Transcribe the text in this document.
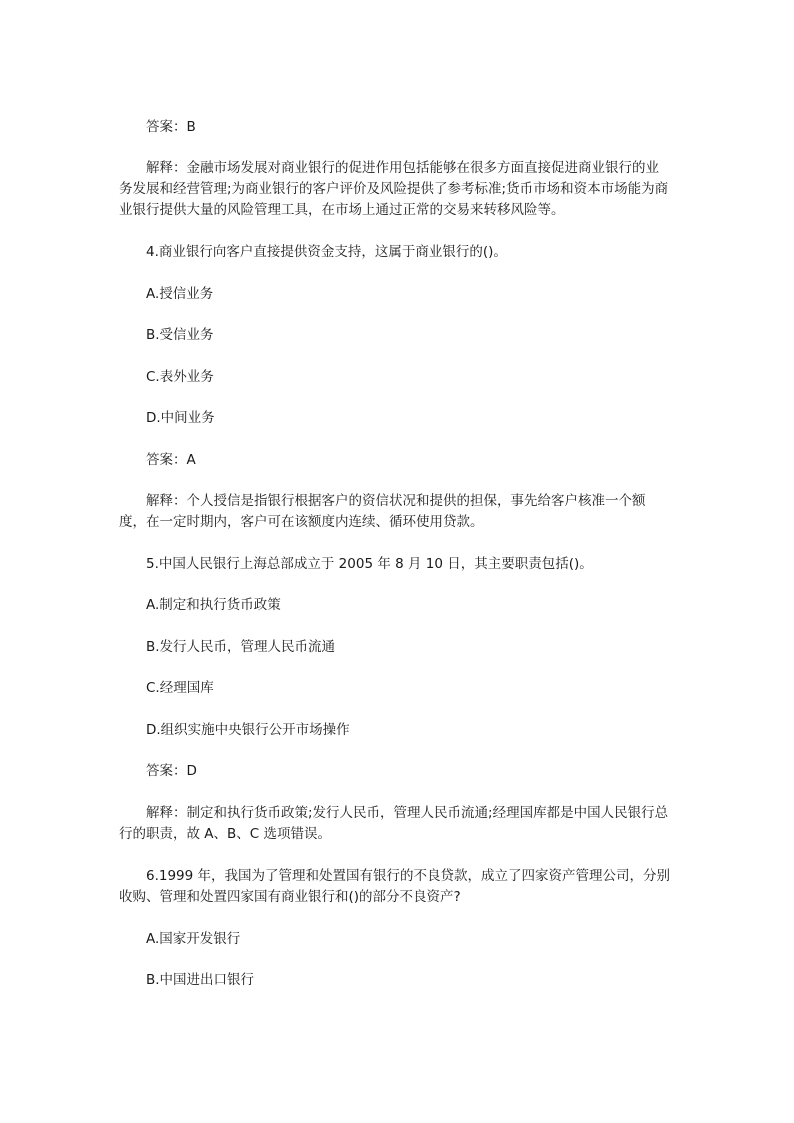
答案：B

解释：金融市场发展对商业银行的促进作用包括能够在很多方面直接促进商业银行的业务发展和经营管理;为商业银行的客户评价及风险提供了参考标准;货币市场和资本市场能为商业银行提供大量的风险管理工具，在市场上通过正常的交易来转移风险等。

4.商业银行向客户直接提供资金支持，这属于商业银行的()。

A.授信业务

B.受信业务

C.表外业务

D.中间业务

答案：A

解释：个人授信是指银行根据客户的资信状况和提供的担保，事先给客户核准一个额度，在一定时期内，客户可在该额度内连续、循环使用贷款。

5.中国人民银行上海总部成立于 2005 年 8 月 10 日，其主要职责包括()。

A.制定和执行货币政策

B.发行人民币，管理人民币流通

C.经理国库

D.组织实施中央银行公开市场操作

答案：D

解释：制定和执行货币政策;发行人民币，管理人民币流通;经理国库都是中国人民银行总行的职责，故 A、B、C 选项错误。

6.1999 年，我国为了管理和处置国有银行的不良贷款，成立了四家资产管理公司，分别收购、管理和处置四家国有商业银行和()的部分不良资产?

A.国家开发银行

B.中国进出口银行
